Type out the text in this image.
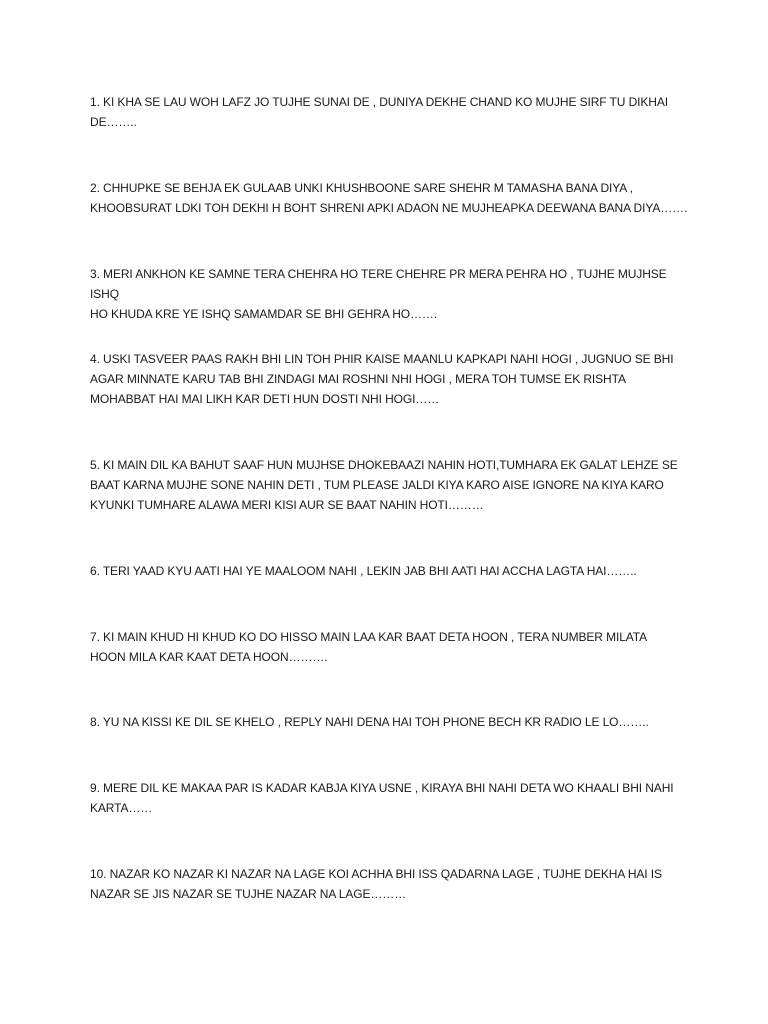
1. KI KHA SE LAU WOH LAFZ JO TUJHE SUNAI DE , DUNIYA DEKHE CHAND KO MUJHE SIRF TU DIKHAI
DE……..
2. CHHUPKE SE BEHJA EK GULAAB UNKI KHUSHBOONE SARE SHEHR M TAMASHA BANA DIYA ,
KHOOBSURAT LDKI TOH DEKHI H BOHT SHRENI APKI ADAON NE MUJHEAPKA DEEWANA BANA DIYA…….
3. MERI ANKHON KE SAMNE TERA CHEHRA HO TERE CHEHRE PR MERA PEHRA HO , TUJHE MUJHSE ISHQ
HO KHUDA KRE YE ISHQ SAMAMDAR SE BHI GEHRA HO…….
4. USKI TASVEER PAAS RAKH BHI LIN TOH PHIR KAISE MAANLU KAPKAPI NAHI HOGI , JUGNUO SE BHI
AGAR MINNATE KARU TAB BHI ZINDAGI MAI ROSHNI NHI HOGI , MERA TOH TUMSE EK RISHTA
MOHABBAT HAI MAI LIKH KAR DETI HUN DOSTI NHI HOGI……
5. KI MAIN DIL KA BAHUT SAAF HUN MUJHSE DHOKEBAAZI NAHIN HOTI,TUMHARA EK GALAT LEHZE SE
BAAT KARNA MUJHE SONE NAHIN DETI , TUM PLEASE JALDI KIYA KARO AISE IGNORE NA KIYA KARO
KYUNKI TUMHARE ALAWA MERI KISI AUR SE BAAT NAHIN HOTI………
6. TERI YAAD KYU AATI HAI YE MAALOOM NAHI , LEKIN JAB BHI AATI HAI ACCHA LAGTA HAI……..
7. KI MAIN KHUD HI KHUD KO DO HISSO MAIN LAA KAR BAAT DETA HOON , TERA NUMBER MILATA
HOON MILA KAR KAAT DETA HOON……….
8. YU NA KISSI KE DIL SE KHELO , REPLY NAHI DENA HAI TOH PHONE BECH KR RADIO LE LO……..
9. MERE DIL KE MAKAA PAR IS KADAR KABJA KIYA USNE , KIRAYA BHI NAHI DETA WO KHAALI BHI NAHI
KARTA……
10. NAZAR KO NAZAR KI NAZAR NA LAGE KOI ACHHA BHI ISS QADARNA LAGE , TUJHE DEKHA HAI IS
NAZAR SE JIS NAZAR SE TUJHE NAZAR NA LAGE………
